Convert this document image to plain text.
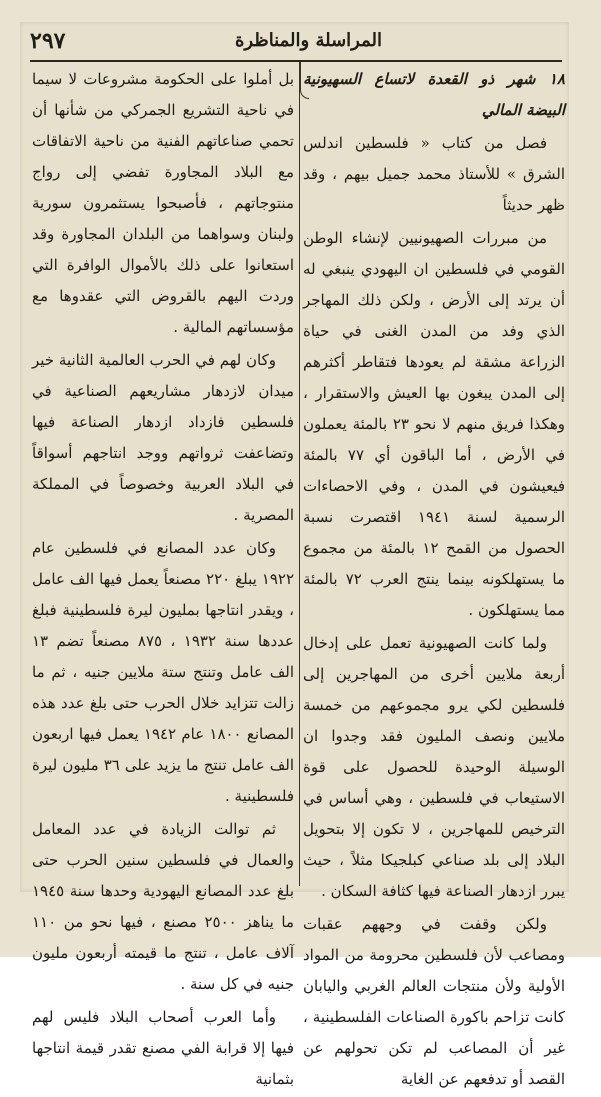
٢٩٧	المراسلة والمناظرة

١٨ شهر ذو القعدة لاتساع السهيونية البيضة المالي

فصل من كتاب « فلسطين اندلس الشرق » للأستاذ محمد جميل بيهم ، وقد ظهر حديثاً

من مبررات الصهيونيين لإنشاء الوطن القومي في فلسطين ان اليهودي ينبغي له أن يرتد إلى الأرض ، ولكن ذلك المهاجر الذي وفد من المدن الغنى في حياة الزراعة مشقة لم يعودها فتقاطر أكثرهم إلى المدن يبغون بها العيش والاستقرار ، وهكذا فريق منهم لا نحو ٢٣ بالمئة يعملون في الأرض ، أما الباقون أي ٧٧ بالمئة فيعيشون في المدن ، وفي الاحصاءات الرسمية لسنة ١٩٤١ اقتصرت نسبة الحصول من القمح ١٢ بالمئة من مجموع ما يستهلكونه بينما ينتج العرب ٧٢ بالمئة مما يستهلكون .

ولما كانت الصهيونية تعمل على إدخال أربعة ملايين أخرى من المهاجرين إلى فلسطين لكي يرو مجموعهم من خمسة ملايين ونصف المليون فقد وجدوا ان الوسيلة الوحيدة للحصول على قوة الاستيعاب في فلسطين ، وهي أساس في الترخيص للمهاجرين ، لا تكون إلا بتحويل البلاد إلى بلد صناعي كبلجيكا مثلاً ، حيث يبرر ازدهار الصناعة فيها كثافة السكان .

ولكن وقفت في وجههم عقبات ومصاعب لأن فلسطين محرومة من المواد الأولية ولأن منتجات العالم الغربي واليابان كانت تزاحم باكورة الصناعات الفلسطينية ، غير أن المصاعب لم تكن تحولهم عن القصد أو تدفعهم عن الغاية

بل أملوا على الحكومة مشروعات لا سيما في ناحية التشريع الجمركي من شأنها أن تحمي صناعاتهم الفنية من ناحية الاتفاقات مع البلاد المجاورة تفضي إلى رواج منتوجاتهم ، فأصبحوا يستثمرون سورية ولبنان وسواهما من البلدان المجاورة وقد استعانوا على ذلك بالأموال الوافرة التي وردت اليهم بالقروض التي عقدوها مع مؤسساتهم المالية .

وكان لهم في الحرب العالمية الثانية خير ميدان لازدهار مشاريعهم الصناعية في فلسطين فازداد ازدهار الصناعة فيها وتضاعفت ثرواتهم ووجد انتاجهم أسواقاً في البلاد العربية وخصوصاً في المملكة المصرية .

وكان عدد المصانع في فلسطين عام ١٩٢٢ يبلغ ٢٢٠ مصنعاً يعمل فيها الف عامل ، ويقدر انتاجها بمليون ليرة فلسطينية فبلغ عددها سنة ١٩٣٢ ، ٨٧٥ مصنعاً تضم ١٣ الف عامل وتنتج ستة ملايين جنيه ، ثم ما زالت تتزايد خلال الحرب حتى بلغ عدد هذه المصانع ١٨٠٠ عام ١٩٤٢ يعمل فيها اربعون الف عامل تنتج ما يزيد على ٣٦ مليون ليرة فلسطينية .

ثم توالت الزيادة في عدد المعامل والعمال في فلسطين سنين الحرب حتى بلغ عدد المصانع اليهودية وحدها سنة ١٩٤٥ ما يناهز ٢٥٠٠ مصنع ، فيها نحو من ١١٠ آلاف عامل ، تنتج ما قيمته أربعون مليون جنيه في كل سنة .

وأما العرب أصحاب البلاد فليس لهم فيها إلا قرابة الفي مصنع تقدر قيمة انتاجها بثمانية
